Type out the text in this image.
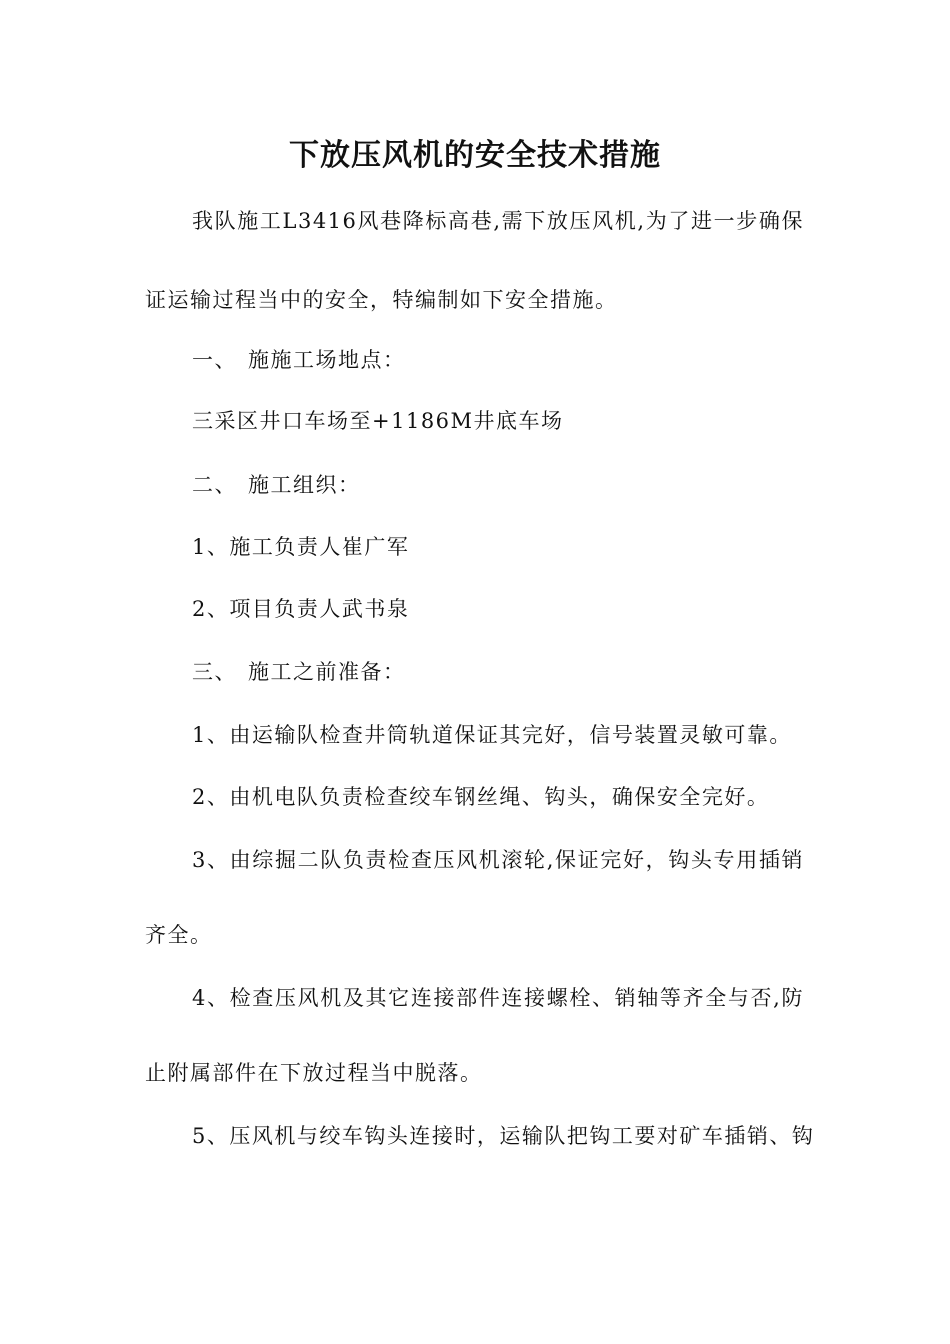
下放压风机的安全技术措施
我队施工L3416风巷降标高巷,需下放压风机,为了进一步确保
证运输过程当中的安全，特编制如下安全措施。
一、 施施工场地点：
三采区井口车场至+1186M井底车场
二、 施工组织：
1、施工负责人崔广军
2、项目负责人武书泉
三、 施工之前准备：
1、由运输队检查井筒轨道保证其完好，信号装置灵敏可靠。
2、由机电队负责检查绞车钢丝绳、钩头，确保安全完好。
3、由综掘二队负责检查压风机滚轮,保证完好，钩头专用插销
齐全。
4、检查压风机及其它连接部件连接螺栓、销轴等齐全与否,防
止附属部件在下放过程当中脱落。
5、压风机与绞车钩头连接时，运输队把钩工要对矿车插销、钩
